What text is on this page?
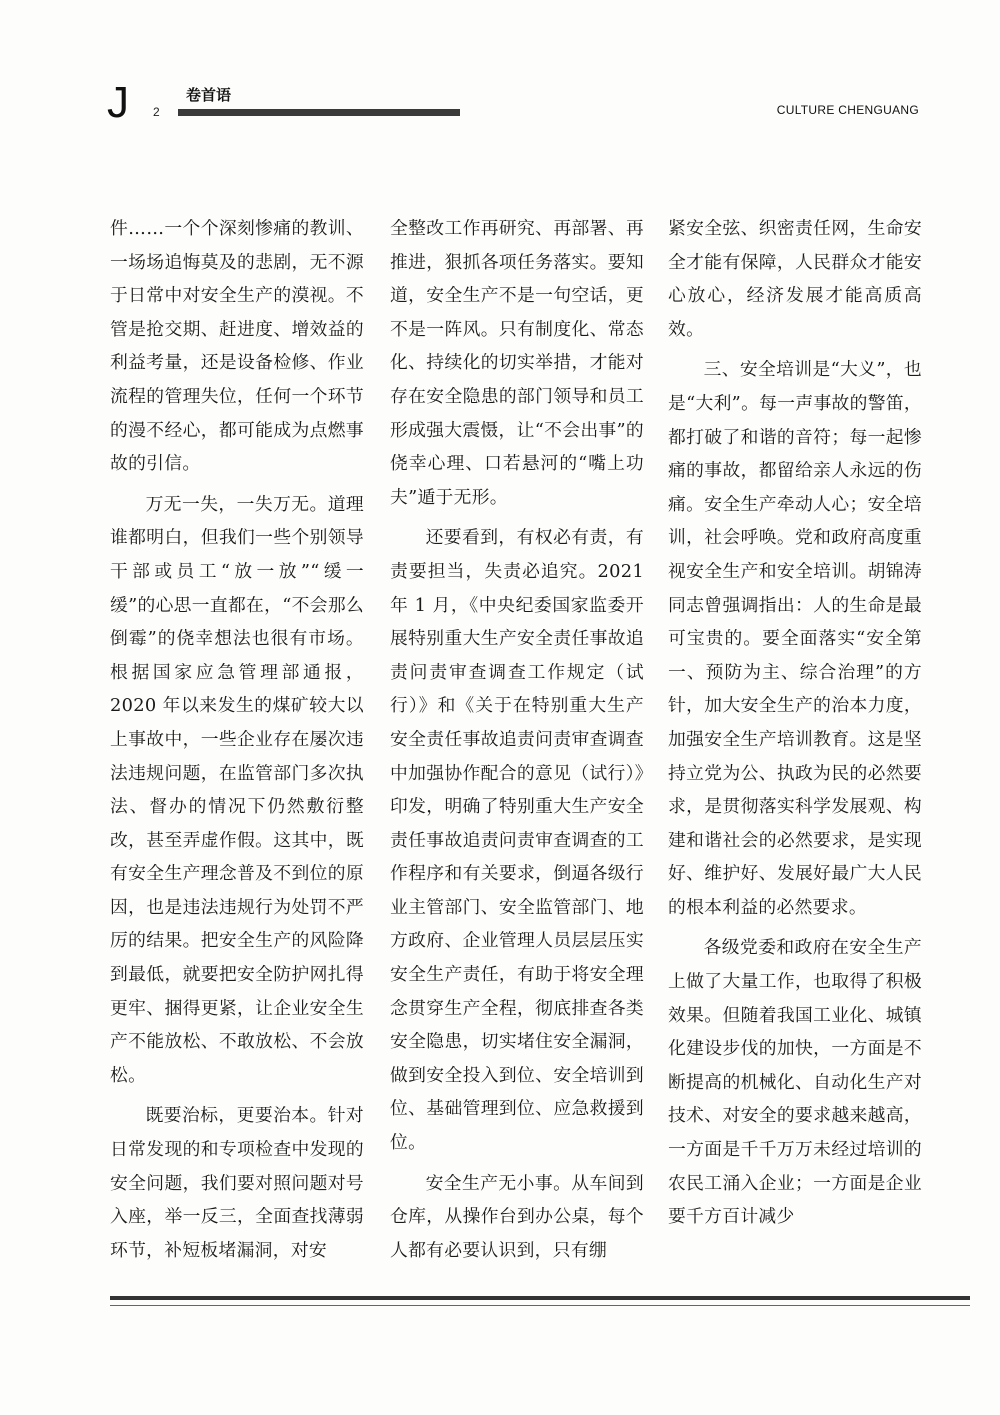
J 2
卷首语
CULTURE CHENGUANG

件……一个个深刻惨痛的教训、一场场追悔莫及的悲剧，无不源于日常中对安全生产的漠视。不管是抢交期、赶进度、增效益的利益考量，还是设备检修、作业流程的管理失位，任何一个环节的漫不经心，都可能成为点燃事故的引信。

万无一失，一失万无。道理谁都明白，但我们一些个别领导干部或员工“放一放”“缓一缓”的心思一直都在，“不会那么倒霉”的侥幸想法也很有市场。根据国家应急管理部通报，2020 年以来发生的煤矿较大以上事故中，一些企业存在屡次违法违规问题，在监管部门多次执法、督办的情况下仍然敷衍整改，甚至弄虚作假。这其中，既有安全生产理念普及不到位的原因，也是违法违规行为处罚不严厉的结果。把安全生产的风险降到最低，就要把安全防护网扎得更牢、捆得更紧，让企业安全生产不能放松、不敢放松、不会放松。

既要治标，更要治本。针对日常发现的和专项检查中发现的安全问题，我们要对照问题对号入座，举一反三，全面查找薄弱环节，补短板堵漏洞，对安

全整改工作再研究、再部署、再推进，狠抓各项任务落实。要知道，安全生产不是一句空话，更不是一阵风。只有制度化、常态化、持续化的切实举措，才能对存在安全隐患的部门领导和员工形成强大震慑，让“不会出事”的侥幸心理、口若悬河的“嘴上功夫”遁于无形。

还要看到，有权必有责，有责要担当，失责必追究。2021 年 1 月，《中央纪委国家监委开展特别重大生产安全责任事故追责问责审查调查工作规定（试行）》和《关于在特别重大生产安全责任事故追责问责审查调查中加强协作配合的意见（试行）》印发，明确了特别重大生产安全责任事故追责问责审查调查的工作程序和有关要求，倒逼各级行业主管部门、安全监管部门、地方政府、企业管理人员层层压实安全生产责任，有助于将安全理念贯穿生产全程，彻底排查各类安全隐患，切实堵住安全漏洞，做到安全投入到位、安全培训到位、基础管理到位、应急救援到位。

安全生产无小事。从车间到仓库，从操作台到办公桌，每个人都有必要认识到，只有绷

紧安全弦、织密责任网，生命安全才能有保障，人民群众才能安心放心，经济发展才能高质高效。

三、安全培训是“大义”，也是“大利”。每一声事故的警笛，都打破了和谐的音符；每一起惨痛的事故，都留给亲人永远的伤痛。安全生产牵动人心；安全培训，社会呼唤。党和政府高度重视安全生产和安全培训。胡锦涛同志曾强调指出：人的生命是最可宝贵的。要全面落实“安全第一、预防为主、综合治理”的方针，加大安全生产的治本力度，加强安全生产培训教育。这是坚持立党为公、执政为民的必然要求，是贯彻落实科学发展观、构建和谐社会的必然要求，是实现好、维护好、发展好最广大人民的根本利益的必然要求。

各级党委和政府在安全生产上做了大量工作，也取得了积极效果。但随着我国工业化、城镇化建设步伐的加快，一方面是不断提高的机械化、自动化生产对技术、对安全的要求越来越高，一方面是千千万万未经过培训的农民工涌入企业；一方面是企业要千方百计减少
